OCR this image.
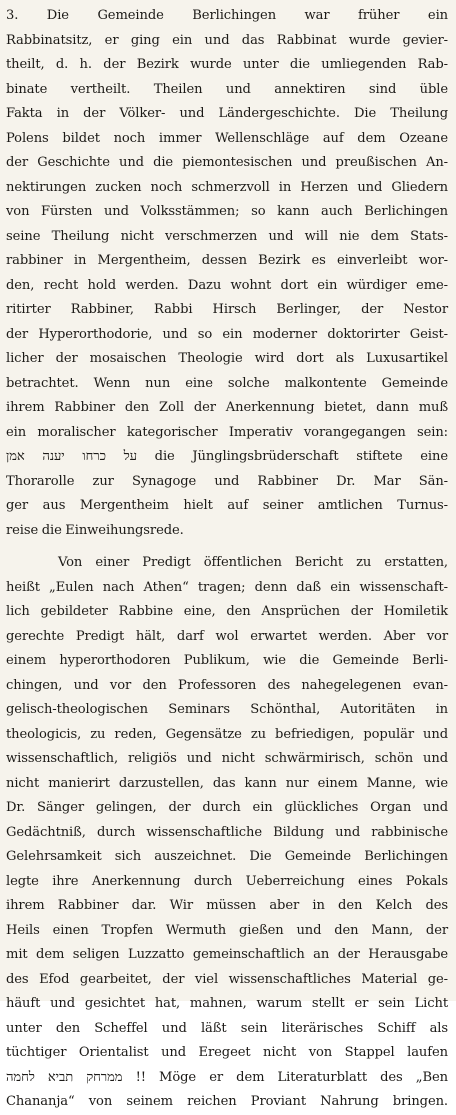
3. Die Gemeinde Berlichingen war früher ein
Rabbinatsitz, er ging ein und das Rabbinat wurde gevier-
theilt, d. h. der Bezirk wurde unter die umliegenden Rab-
binate vertheilt. Theilen und annektiren sind üble
Fakta in der Völker- und Ländergeschichte. Die Theilung
Polens bildet noch immer Wellenschläge auf dem Ozeane
der Geschichte und die piemontesischen und preußischen An-
nektirungen zucken noch schmerzvoll in Herzen und Gliedern
von Fürsten und Volksstämmen; so kann auch Berlichingen
seine Theilung nicht verschmerzen und will nie dem Stats-
rabbiner in Mergentheim, dessen Bezirk es einverleibt wor-
den, recht hold werden. Dazu wohnt dort ein würdiger eme-
ritirter Rabbiner, Rabbi Hirsch Berlinger, der Nestor
der Hyperorthodorie, und so ein moderner doktorirter Geist-
licher der mosaischen Theologie wird dort als Luxusartikel
betrachtet. Wenn nun eine solche malkontente Gemeinde
ihrem Rabbiner den Zoll der Anerkennung bietet, dann muß
ein moralischer kategorischer Imperativ vorangegangen sein:
על כרחו יענה אמן die Jünglingsbrüderschaft stiftete eine
Thorarolle zur Synagoge und Rabbiner Dr. Mar Sän-
ger aus Mergentheim hielt auf seiner amtlichen Turnus-
reise die Einweihungsrede.
Von einer Predigt öffentlichen Bericht zu erstatten,
heißt „Eulen nach Athen“ tragen; denn daß ein wissenschaft-
lich gebildeter Rabbine eine, den Ansprüchen der Homiletik
gerechte Predigt hält, darf wol erwartet werden. Aber vor
einem hyperorthodoren Publikum, wie die Gemeinde Berli-
chingen, und vor den Professoren des nahegelegenen evan-
gelisch-theologischen Seminars Schönthal, Autoritäten in
theologicis, zu reden, Gegensätze zu befriedigen, populär und
wissenschaftlich, religiös und nicht schwärmirisch, schön und
nicht manierirt darzustellen, das kann nur einem Manne, wie
Dr. Sänger gelingen, der durch ein glückliches Organ und
Gedächtniß, durch wissenschaftliche Bildung und rabbinische
Gelehrsamkeit sich auszeichnet. Die Gemeinde Berlichingen
legte ihre Anerkennung durch Ueberreichung eines Pokals
ihrem Rabbiner dar. Wir müssen aber in den Kelch des
Heils einen Tropfen Wermuth gießen und den Mann, der
mit dem seligen Luzzatto gemeinschaftlich an der Herausgabe
des Efod gearbeitet, der viel wissenschaftliches Material ge-
häuft und gesichtet hat, mahnen, warum stellt er sein Licht
unter den Scheffel und läßt sein literärisches Schiff als
tüchtiger Orientalist und Eregeet nicht von Stappel laufen
ממרחק תביא לחמה !! Möge er dem Literaturblatt des „Ben
Chananja“ von seinem reichen Proviant Nahrung bringen.
